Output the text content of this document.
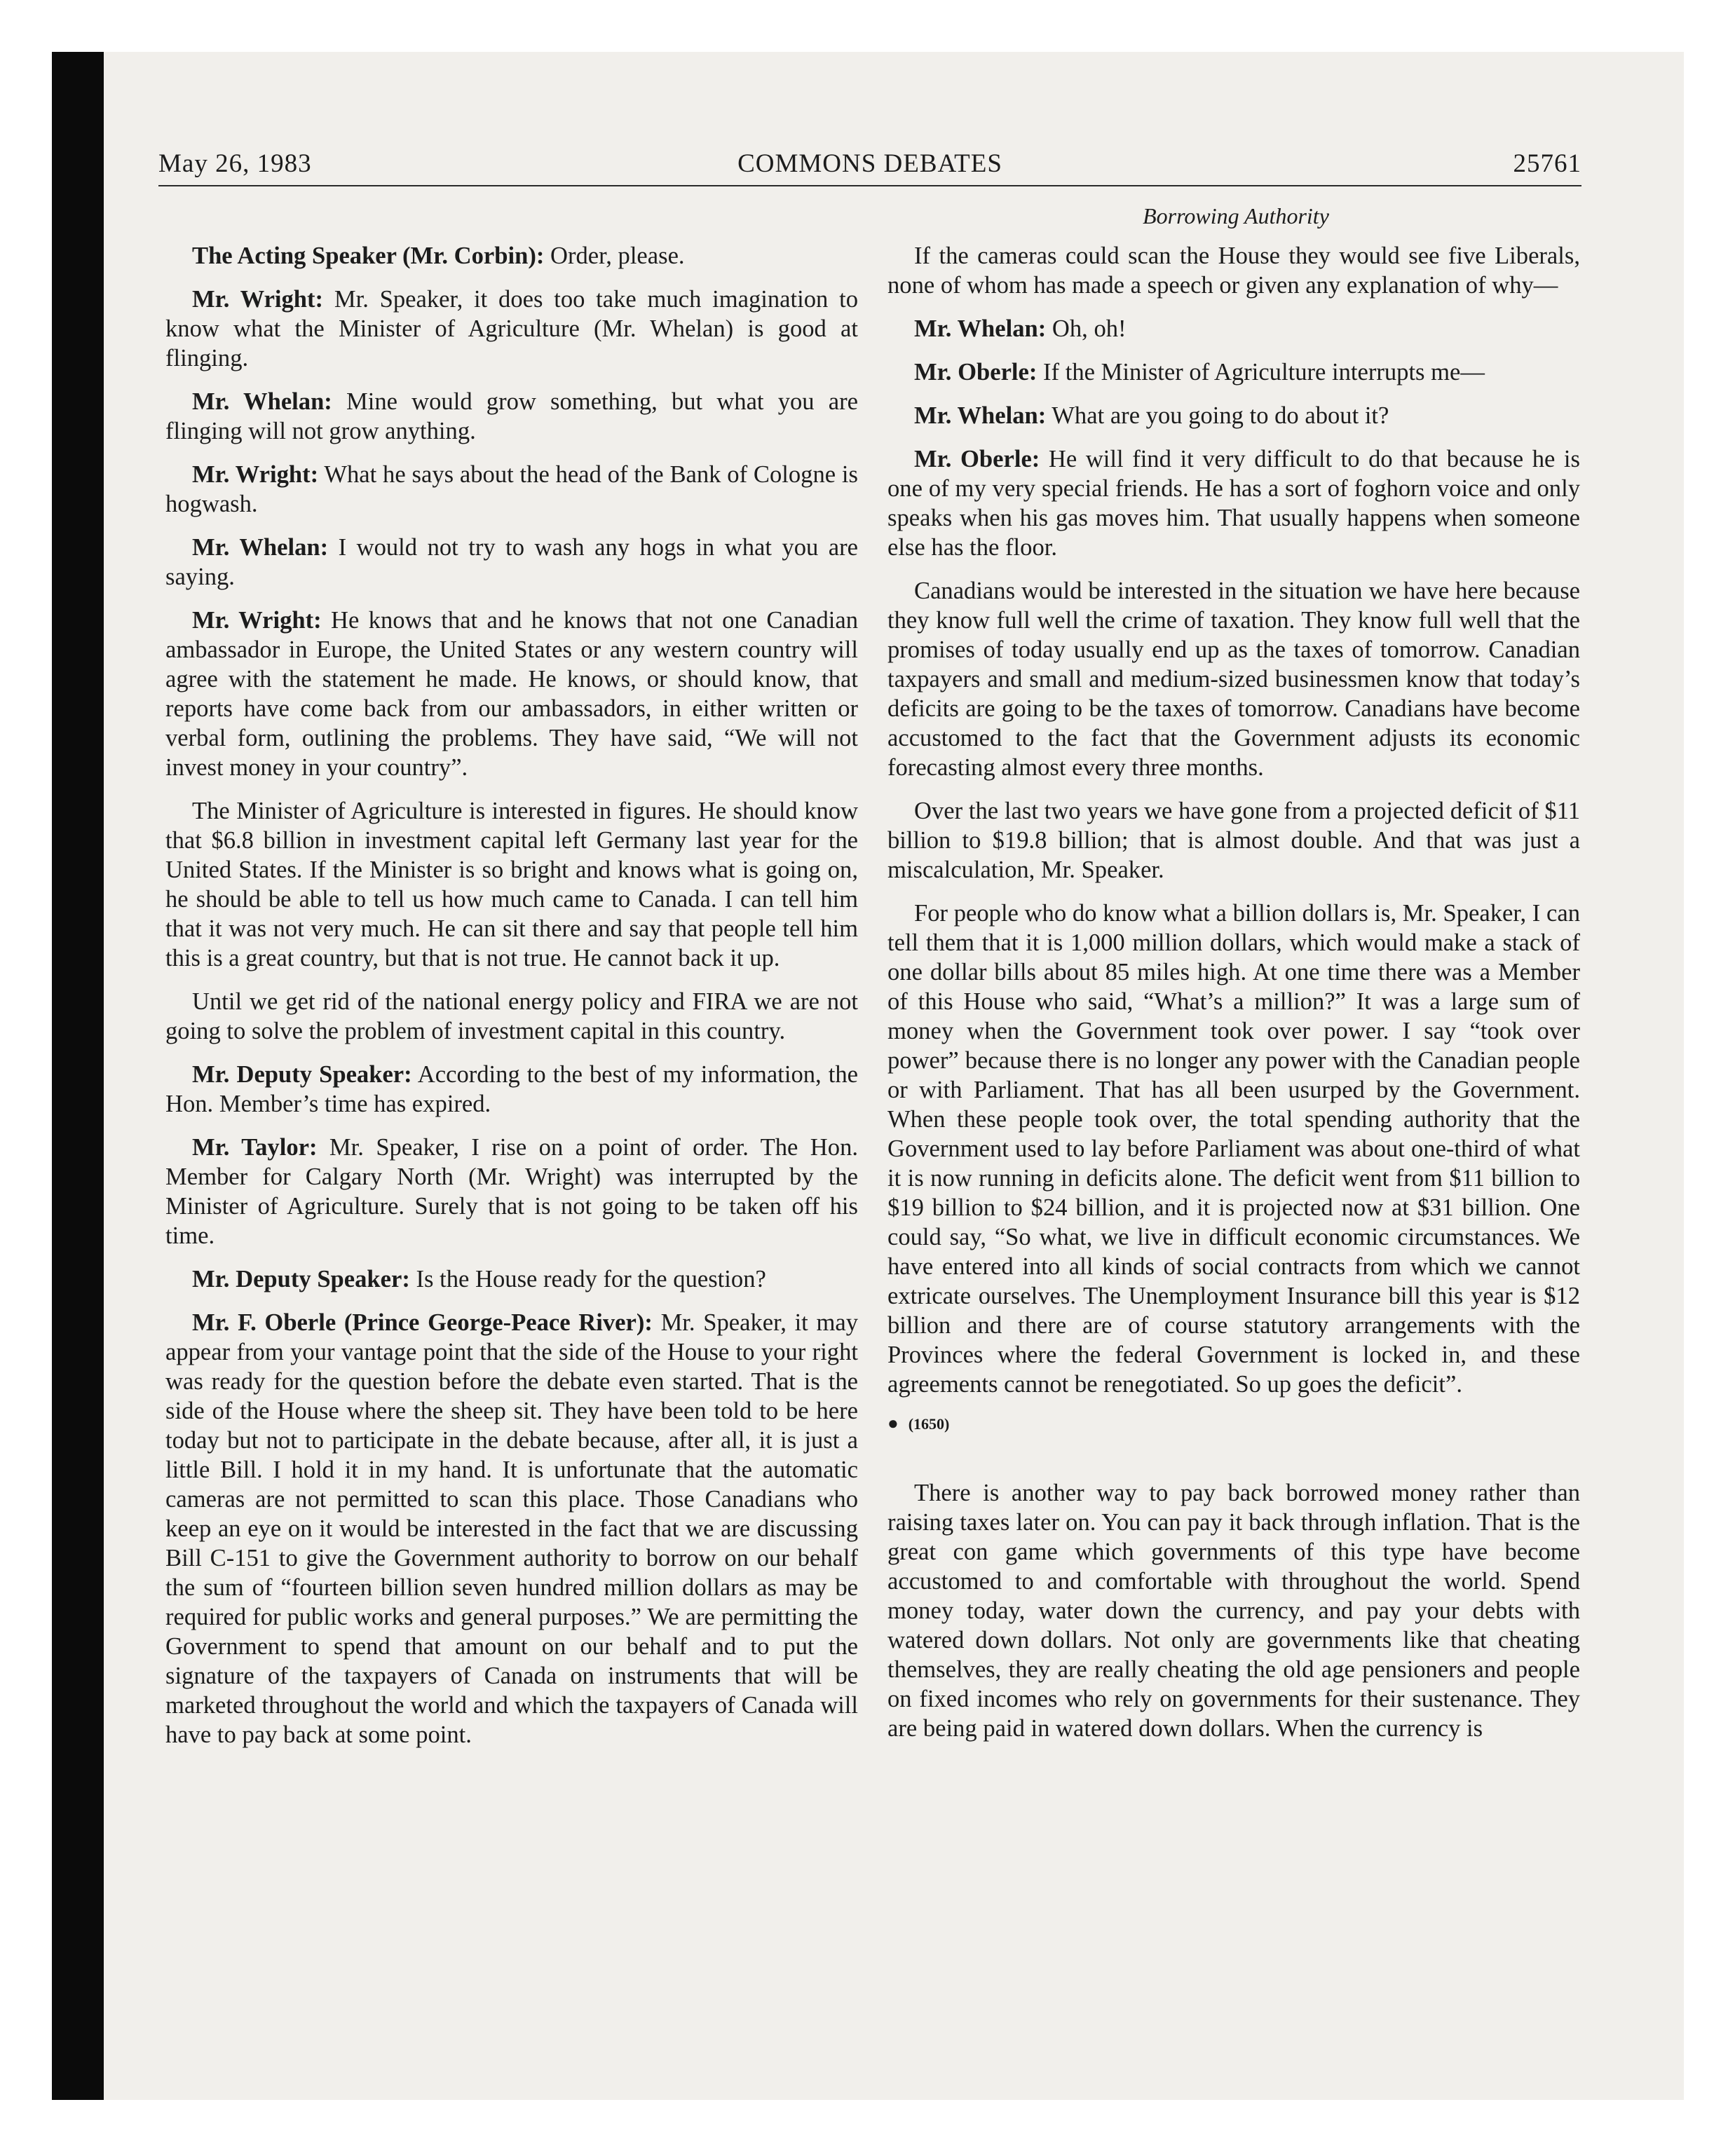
May 26, 1983	COMMONS DEBATES	25761
Borrowing Authority

The Acting Speaker (Mr. Corbin): Order, please.

Mr. Wright: Mr. Speaker, it does too take much imagination to know what the Minister of Agriculture (Mr. Whelan) is good at flinging.

Mr. Whelan: Mine would grow something, but what you are flinging will not grow anything.

Mr. Wright: What he says about the head of the Bank of Cologne is hogwash.

Mr. Whelan: I would not try to wash any hogs in what you are saying.

Mr. Wright: He knows that and he knows that not one Canadian ambassador in Europe, the United States or any western country will agree with the statement he made. He knows, or should know, that reports have come back from our ambassadors, in either written or verbal form, outlining the problems. They have said, “We will not invest money in your country”.

The Minister of Agriculture is interested in figures. He should know that $6.8 billion in investment capital left Germany last year for the United States. If the Minister is so bright and knows what is going on, he should be able to tell us how much came to Canada. I can tell him that it was not very much. He can sit there and say that people tell him this is a great country, but that is not true. He cannot back it up.

Until we get rid of the national energy policy and FIRA we are not going to solve the problem of investment capital in this country.

Mr. Deputy Speaker: According to the best of my information, the Hon. Member’s time has expired.

Mr. Taylor: Mr. Speaker, I rise on a point of order. The Hon. Member for Calgary North (Mr. Wright) was interrupted by the Minister of Agriculture. Surely that is not going to be taken off his time.

Mr. Deputy Speaker: Is the House ready for the question?

Mr. F. Oberle (Prince George-Peace River): Mr. Speaker, it may appear from your vantage point that the side of the House to your right was ready for the question before the debate even started. That is the side of the House where the sheep sit. They have been told to be here today but not to participate in the debate because, after all, it is just a little Bill. I hold it in my hand. It is unfortunate that the automatic cameras are not permitted to scan this place. Those Canadians who keep an eye on it would be interested in the fact that we are discussing Bill C-151 to give the Government authority to borrow on our behalf the sum of “fourteen billion seven hundred million dollars as may be required for public works and general purposes.” We are permitting the Government to spend that amount on our behalf and to put the signature of the taxpayers of Canada on instruments that will be marketed throughout the world and which the taxpayers of Canada will have to pay back at some point.

If the cameras could scan the House they would see five Liberals, none of whom has made a speech or given any explanation of why—

Mr. Whelan: Oh, oh!

Mr. Oberle: If the Minister of Agriculture interrupts me—

Mr. Whelan: What are you going to do about it?

Mr. Oberle: He will find it very difficult to do that because he is one of my very special friends. He has a sort of foghorn voice and only speaks when his gas moves him. That usually happens when someone else has the floor.

Canadians would be interested in the situation we have here because they know full well the crime of taxation. They know full well that the promises of today usually end up as the taxes of tomorrow. Canadian taxpayers and small and medium-sized businessmen know that today’s deficits are going to be the taxes of tomorrow. Canadians have become accustomed to the fact that the Government adjusts its economic forecasting almost every three months.

Over the last two years we have gone from a projected deficit of $11 billion to $19.8 billion; that is almost double. And that was just a miscalculation, Mr. Speaker.

For people who do know what a billion dollars is, Mr. Speaker, I can tell them that it is 1,000 million dollars, which would make a stack of one dollar bills about 85 miles high. At one time there was a Member of this House who said, “What’s a million?” It was a large sum of money when the Government took over power. I say “took over power” because there is no longer any power with the Canadian people or with Parliament. That has all been usurped by the Government. When these people took over, the total spending authority that the Government used to lay before Parliament was about one-third of what it is now running in deficits alone. The deficit went from $11 billion to $19 billion to $24 billion, and it is projected now at $31 billion. One could say, “So what, we live in difficult economic circumstances. We have entered into all kinds of social contracts from which we cannot extricate ourselves. The Unemployment Insurance bill this year is $12 billion and there are of course statutory arrangements with the Provinces where the federal Government is locked in, and these agreements cannot be renegotiated. So up goes the deficit”.

● (1650)

There is another way to pay back borrowed money rather than raising taxes later on. You can pay it back through inflation. That is the great con game which governments of this type have become accustomed to and comfortable with throughout the world. Spend money today, water down the currency, and pay your debts with watered down dollars. Not only are governments like that cheating themselves, they are really cheating the old age pensioners and people on fixed incomes who rely on governments for their sustenance. They are being paid in watered down dollars. When the currency is
